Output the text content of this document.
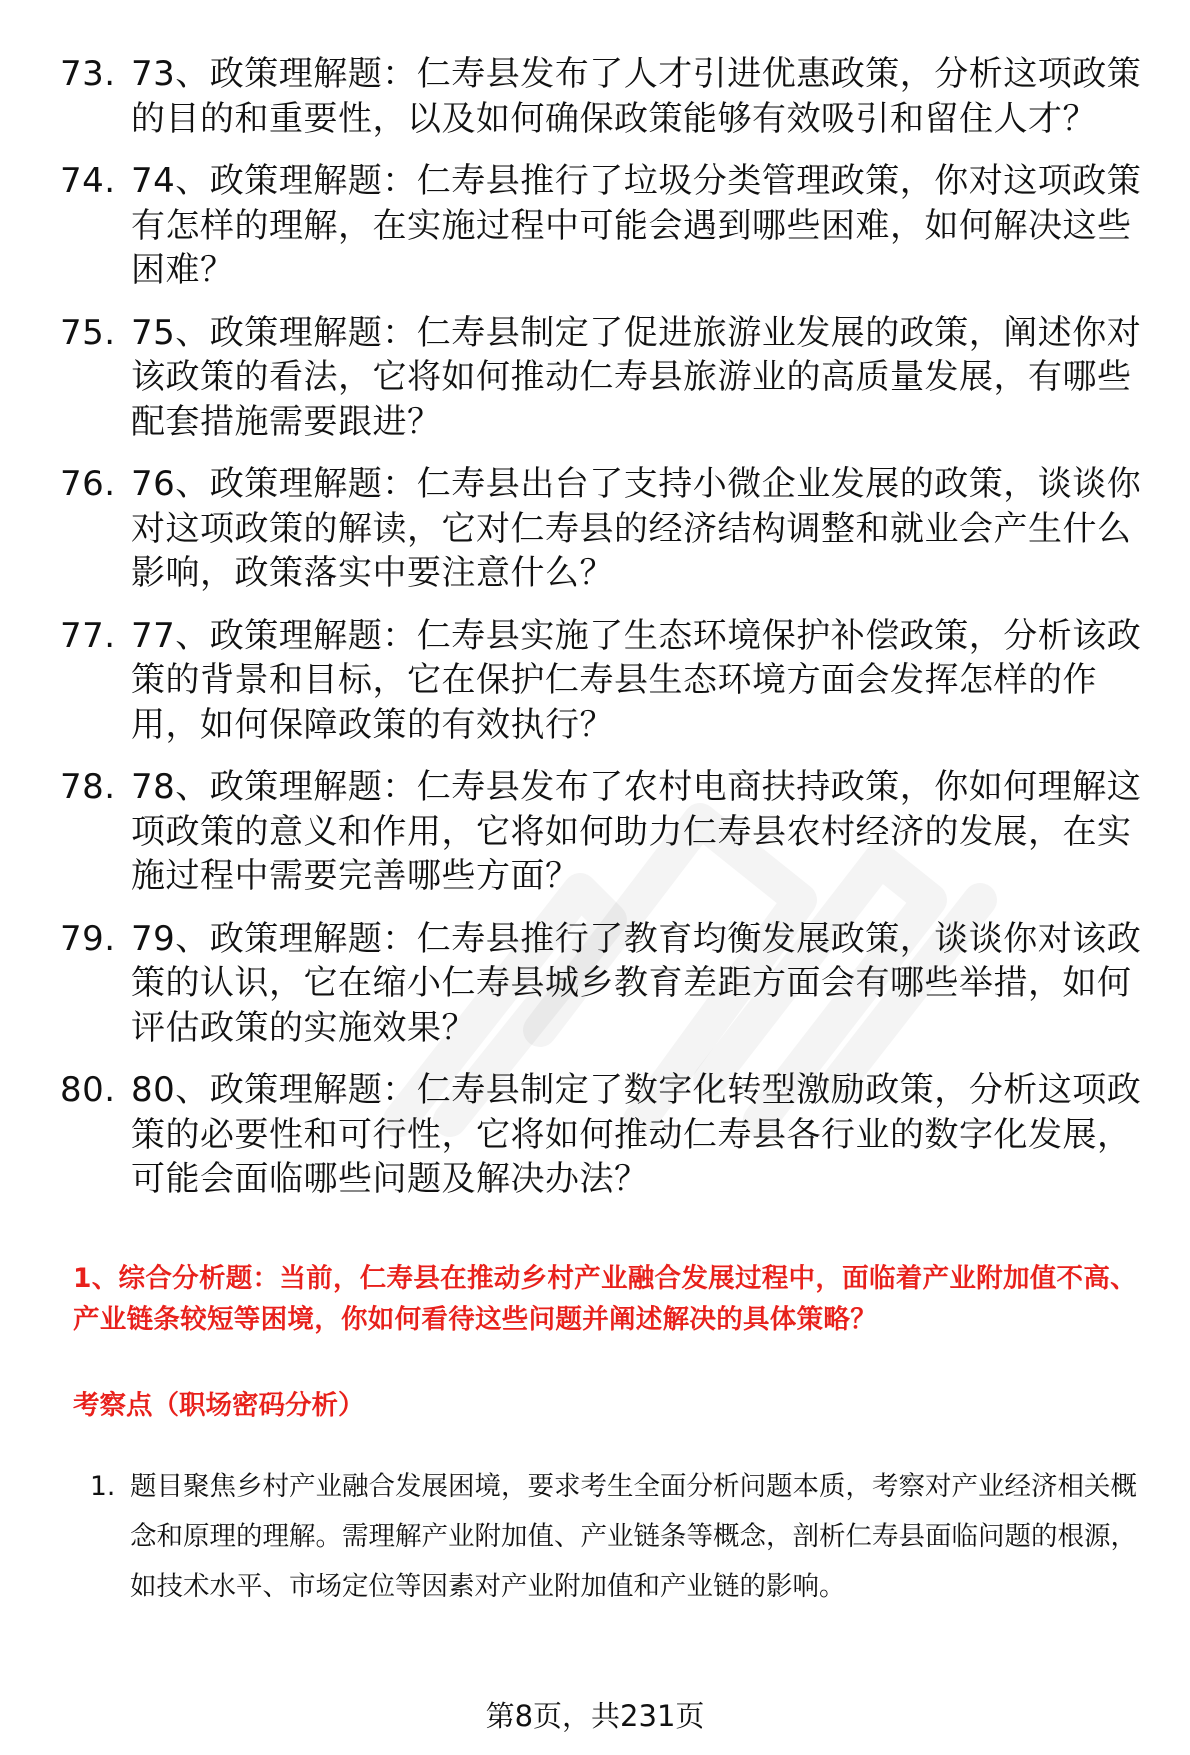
73. 73、政策理解题：仁寿县发布了人才引进优惠政策，分析这项政策的目的和重要性，以及如何确保政策能够有效吸引和留住人才？
74. 74、政策理解题：仁寿县推行了垃圾分类管理政策，你对这项政策有怎样的理解，在实施过程中可能会遇到哪些困难，如何解决这些困难？
75. 75、政策理解题：仁寿县制定了促进旅游业发展的政策，阐述你对该政策的看法，它将如何推动仁寿县旅游业的高质量发展，有哪些配套措施需要跟进？
76. 76、政策理解题：仁寿县出台了支持小微企业发展的政策，谈谈你对这项政策的解读，它对仁寿县的经济结构调整和就业会产生什么影响，政策落实中要注意什么？
77. 77、政策理解题：仁寿县实施了生态环境保护补偿政策，分析该政策的背景和目标，它在保护仁寿县生态环境方面会发挥怎样的作用，如何保障政策的有效执行？
78. 78、政策理解题：仁寿县发布了农村电商扶持政策，你如何理解这项政策的意义和作用，它将如何助力仁寿县农村经济的发展，在实施过程中需要完善哪些方面？
79. 79、政策理解题：仁寿县推行了教育均衡发展政策，谈谈你对该政策的认识，它在缩小仁寿县城乡教育差距方面会有哪些举措，如何评估政策的实施效果？
80. 80、政策理解题：仁寿县制定了数字化转型激励政策，分析这项政策的必要性和可行性，它将如何推动仁寿县各行业的数字化发展，可能会面临哪些问题及解决办法？
1、综合分析题：当前，仁寿县在推动乡村产业融合发展过程中，面临着产业附加值不高、产业链条较短等困境，你如何看待这些问题并阐述解决的具体策略？
考察点（职场密码分析）
1. 题目聚焦乡村产业融合发展困境，要求考生全面分析问题本质，考察对产业经济相关概念和原理的理解。需理解产业附加值、产业链条等概念，剖析仁寿县面临问题的根源，如技术水平、市场定位等因素对产业附加值和产业链的影响。
第8页，共231页
